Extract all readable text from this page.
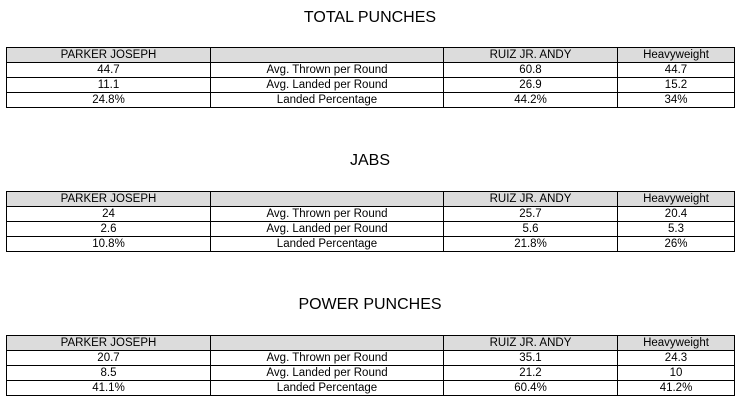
TOTAL PUNCHES
PARKER JOSEPH		RUIZ JR. ANDY	Heavyweight
44.7	Avg. Thrown per Round	60.8	44.7
11.1	Avg. Landed per Round	26.9	15.2
24.8%	Landed Percentage	44.2%	34%
JABS
PARKER JOSEPH		RUIZ JR. ANDY	Heavyweight
24	Avg. Thrown per Round	25.7	20.4
2.6	Avg. Landed per Round	5.6	5.3
10.8%	Landed Percentage	21.8%	26%
POWER PUNCHES
PARKER JOSEPH		RUIZ JR. ANDY	Heavyweight
20.7	Avg. Thrown per Round	35.1	24.3
8.5	Avg. Landed per Round	21.2	10
41.1%	Landed Percentage	60.4%	41.2%
